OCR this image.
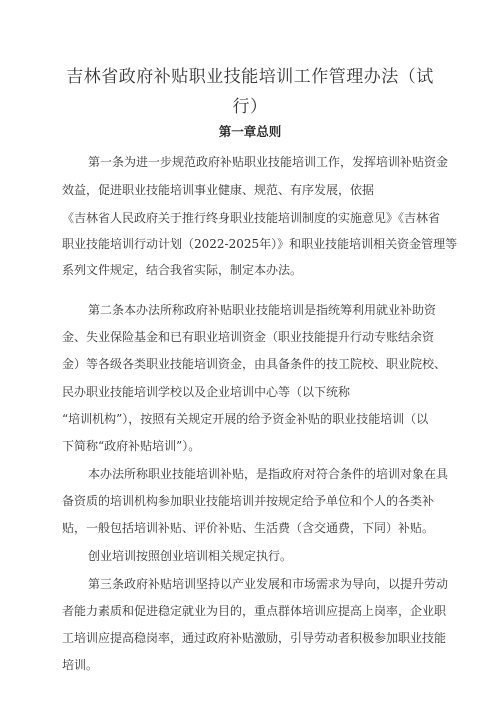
吉林省政府补贴职业技能培训工作管理办法（试
行）
第一章总则
第一条为进一步规范政府补贴职业技能培训工作，发挥培训补贴资金
效益，促进职业技能培训事业健康、规范、有序发展，依据
《吉林省人民政府关于推行终身职业技能培训制度的实施意见》《吉林省
职业技能培训行动计划（2022-2025年）》和职业技能培训相关资金管理等
系列文件规定，结合我省实际，制定本办法。
第二条本办法所称政府补贴职业技能培训是指统筹利用就业补助资
金、失业保险基金和已有职业培训资金（职业技能提升行动专账结余资
金）等各级各类职业技能培训资金，由具备条件的技工院校、职业院校、
民办职业技能培训学校以及企业培训中心等（以下统称
“培训机构”），按照有关规定开展的给予资金补贴的职业技能培训（以
下简称“政府补贴培训”）。
本办法所称职业技能培训补贴，是指政府对符合条件的培训对象在具
备资质的培训机构参加职业技能培训并按规定给予单位和个人的各类补
贴，一般包括培训补贴、评价补贴、生活费（含交通费，下同）补贴。
创业培训按照创业培训相关规定执行。
第三条政府补贴培训坚持以产业发展和市场需求为导向，以提升劳动
者能力素质和促进稳定就业为目的，重点群体培训应提高上岗率，企业职
工培训应提高稳岗率，通过政府补贴激励，引导劳动者积极参加职业技能
培训。
